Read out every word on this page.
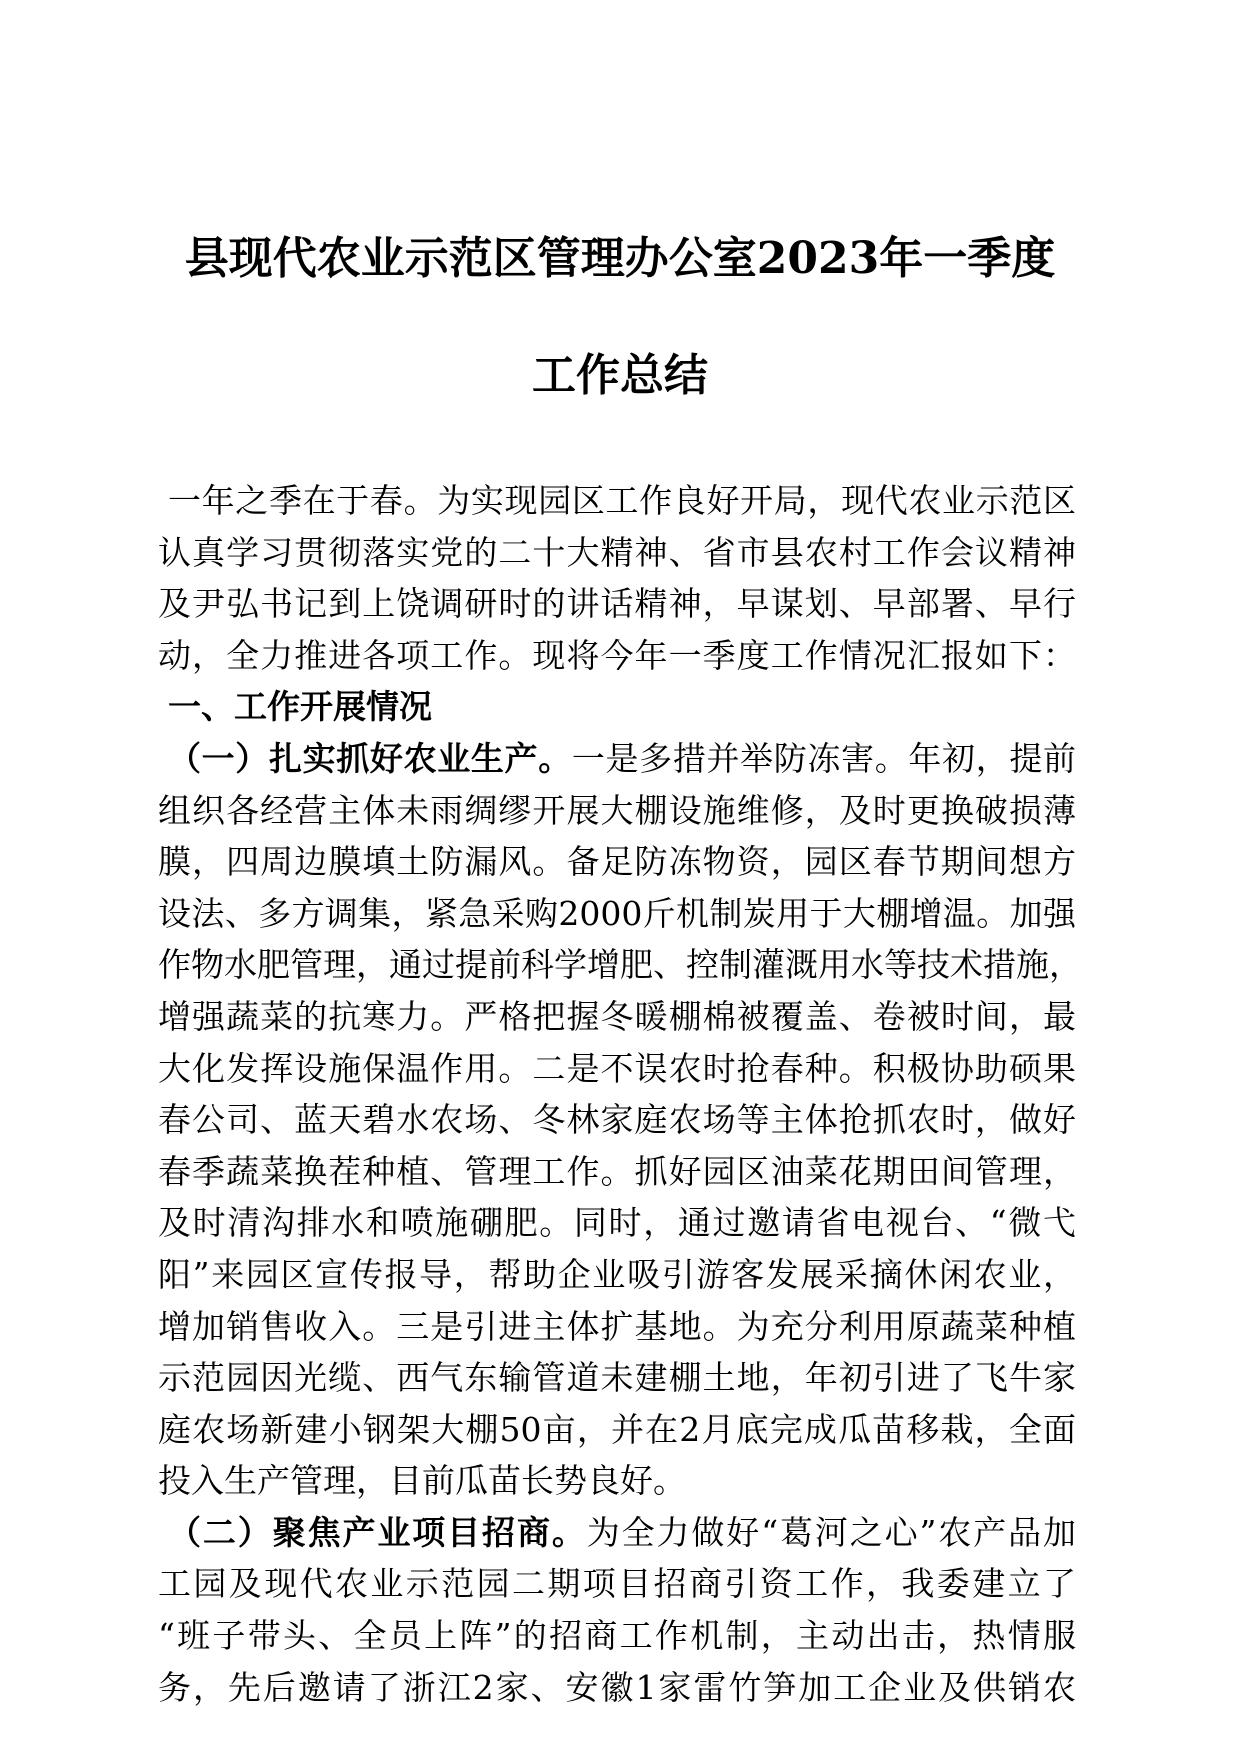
县现代农业示范区管理办公室2023年一季度
工作总结
一年之季在于春。为实现园区工作良好开局，现代农业示范区
认真学习贯彻落实党的二十大精神、省市县农村工作会议精神
及尹弘书记到上饶调研时的讲话精神，早谋划、早部署、早行
动，全力推进各项工作。现将今年一季度工作情况汇报如下：
一、工作开展情况
（一）扎实抓好农业生产。一是多措并举防冻害。年初，提前
组织各经营主体未雨绸缪开展大棚设施维修，及时更换破损薄
膜，四周边膜填土防漏风。备足防冻物资，园区春节期间想方
设法、多方调集，紧急采购2000斤机制炭用于大棚增温。加强
作物水肥管理，通过提前科学增肥、控制灌溉用水等技术措施，
增强蔬菜的抗寒力。严格把握冬暖棚棉被覆盖、卷被时间，最
大化发挥设施保温作用。二是不误农时抢春种。积极协助硕果
春公司、蓝天碧水农场、冬林家庭农场等主体抢抓农时，做好
春季蔬菜换茬种植、管理工作。抓好园区油菜花期田间管理，
及时清沟排水和喷施硼肥。同时，通过邀请省电视台、“微弋
阳”来园区宣传报导，帮助企业吸引游客发展采摘休闲农业，
增加销售收入。三是引进主体扩基地。为充分利用原蔬菜种植
示范园因光缆、西气东输管道未建棚土地，年初引进了飞牛家
庭农场新建小钢架大棚50亩，并在2月底完成瓜苗移栽，全面
投入生产管理，目前瓜苗长势良好。
（二）聚焦产业项目招商。为全力做好“葛河之心”农产品加
工园及现代农业示范园二期项目招商引资工作，我委建立了
“班子带头、全员上阵”的招商工作机制，主动出击，热情服
务，先后邀请了浙江2家、安徽1家雷竹笋加工企业及供销农
